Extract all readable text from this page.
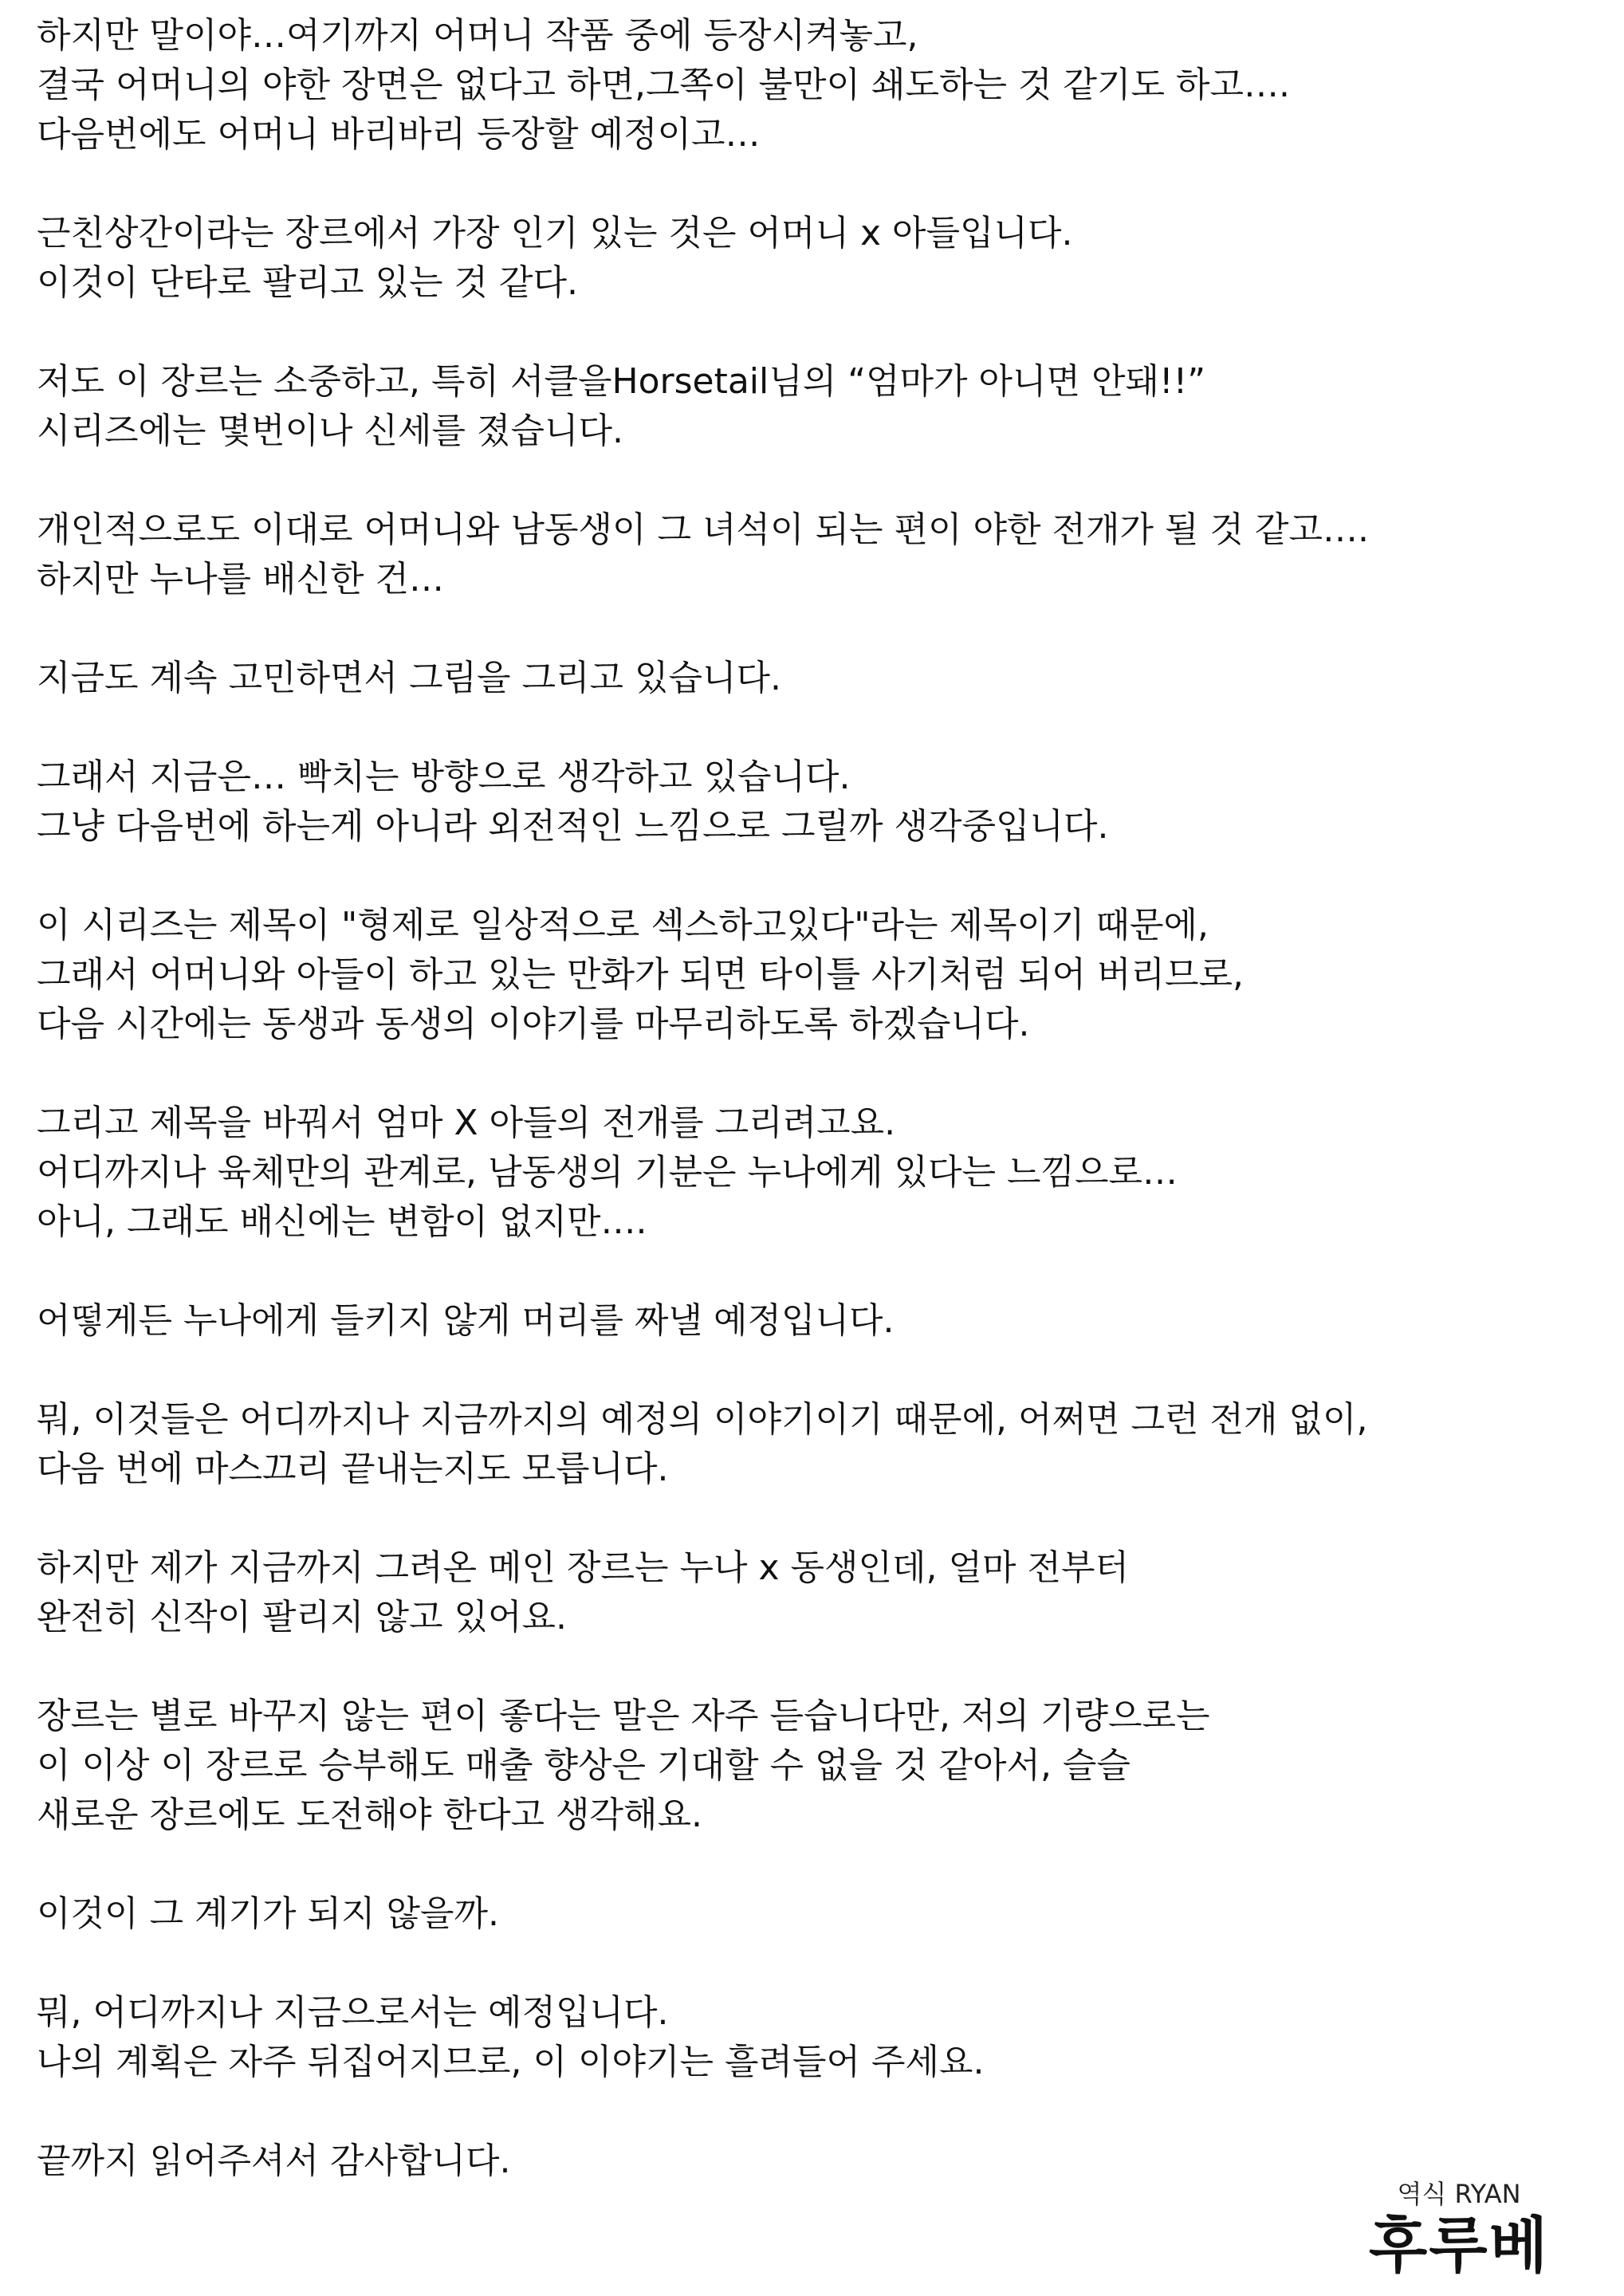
하지만 말이야…여기까지 어머니 작품 중에 등장시켜놓고,
결국 어머니의 야한 장면은 없다고 하면,그쪽이 불만이 쇄도하는 것 같기도 하고….
다음번에도 어머니 바리바리 등장할 예정이고…
근친상간이라는 장르에서 가장 인기 있는 것은 어머니 x 아들입니다.
이것이 단타로 팔리고 있는 것 같다.
저도 이 장르는 소중하고, 특히 서클을Horsetail님의 “엄마가 아니면 안돼!!”
시리즈에는 몇번이나 신세를 졌습니다.
개인적으로도 이대로 어머니와 남동생이 그 녀석이 되는 편이 야한 전개가 될 것 같고….
하지만 누나를 배신한 건…
지금도 계속 고민하면서 그림을 그리고 있습니다.
그래서 지금은… 빡치는 방향으로 생각하고 있습니다.
그냥 다음번에 하는게 아니라 외전적인 느낌으로 그릴까 생각중입니다.
이 시리즈는 제목이 "형제로 일상적으로 섹스하고있다"라는 제목이기 때문에,
그래서 어머니와 아들이 하고 있는 만화가 되면 타이틀 사기처럼 되어 버리므로,
다음 시간에는 동생과 동생의 이야기를 마무리하도록 하겠습니다.
그리고 제목을 바꿔서 엄마 X 아들의 전개를 그리려고요.
어디까지나 육체만의 관계로, 남동생의 기분은 누나에게 있다는 느낌으로…
아니, 그래도 배신에는 변함이 없지만….
어떻게든 누나에게 들키지 않게 머리를 짜낼 예정입니다.
뭐, 이것들은 어디까지나 지금까지의 예정의 이야기이기 때문에, 어쩌면 그런 전개 없이,
다음 번에 마스끄리 끝내는지도 모릅니다.
하지만 제가 지금까지 그려온 메인 장르는 누나 x 동생인데, 얼마 전부터
완전히 신작이 팔리지 않고 있어요.
장르는 별로 바꾸지 않는 편이 좋다는 말은 자주 듣습니다만, 저의 기량으로는
이 이상 이 장르로 승부해도 매출 향상은 기대할 수 없을 것 같아서, 슬슬
새로운 장르에도 도전해야 한다고 생각해요.
이것이 그 계기가 되지 않을까.
뭐, 어디까지나 지금으로서는 예정입니다.
나의 계획은 자주 뒤집어지므로, 이 이야기는 흘려들어 주세요.
끝까지 읽어주셔서 감사합니다.
역식 RYAN
후루베
